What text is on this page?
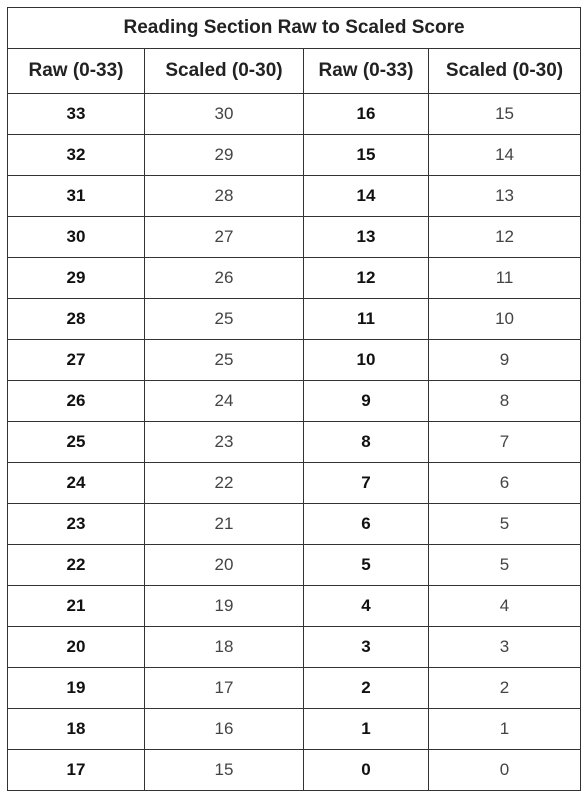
Reading Section Raw to Scaled Score			
Raw (0-33)	Scaled (0-30)	Raw (0-33)	Scaled (0-30)
33	30	16	15
32	29	15	14
31	28	14	13
30	27	13	12
29	26	12	11
28	25	11	10
27	25	10	9
26	24	9	8
25	23	8	7
24	22	7	6
23	21	6	5
22	20	5	5
21	19	4	4
20	18	3	3
19	17	2	2
18	16	1	1
17	15	0	0
